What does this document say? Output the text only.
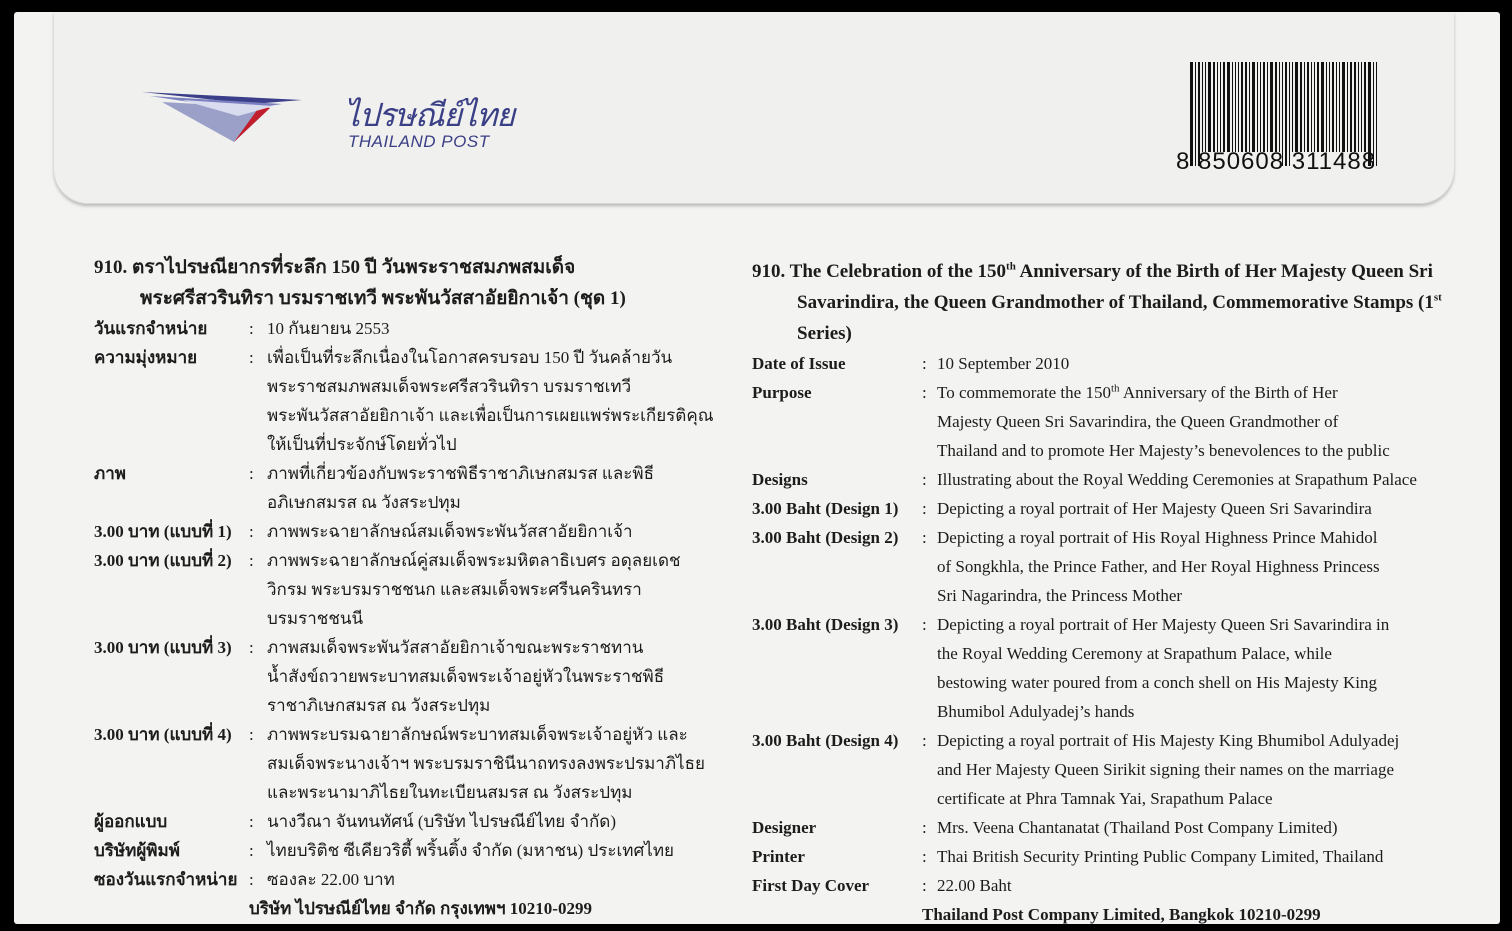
ไปรษณีย์ไทย
THAILAND POST
8 850608 311488
910. ตราไปรษณียากรที่ระลึก 150 ปี วันพระราชสมภพสมเด็จ
พระศรีสวรินทิรา บรมราชเทวี พระพันวัสสาอัยยิกาเจ้า (ชุด 1)
วันแรกจำหน่าย	: 10 กันยายน 2553
ความมุ่งหมาย	: เพื่อเป็นที่ระลึกเนื่องในโอกาสครบรอบ 150 ปี วันคล้ายวัน
พระราชสมภพสมเด็จพระศรีสวรินทิรา บรมราชเทวี
พระพันวัสสาอัยยิกาเจ้า และเพื่อเป็นการเผยแพร่พระเกียรติคุณ
ให้เป็นที่ประจักษ์โดยทั่วไป
ภาพ	: ภาพที่เกี่ยวข้องกับพระราชพิธีราชาภิเษกสมรส และพิธี
อภิเษกสมรส ณ วังสระปทุม
3.00 บาท (แบบที่ 1)	: ภาพพระฉายาลักษณ์สมเด็จพระพันวัสสาอัยยิกาเจ้า
3.00 บาท (แบบที่ 2)	: ภาพพระฉายาลักษณ์คู่สมเด็จพระมหิตลาธิเบศร อดุลยเดช
วิกรม พระบรมราชชนก และสมเด็จพระศรีนครินทรา
บรมราชชนนี
3.00 บาท (แบบที่ 3)	: ภาพสมเด็จพระพันวัสสาอัยยิกาเจ้าขณะพระราชทาน
น้ำสังข์ถวายพระบาทสมเด็จพระเจ้าอยู่หัวในพระราชพิธี
ราชาภิเษกสมรส ณ วังสระปทุม
3.00 บาท (แบบที่ 4)	: ภาพพระบรมฉายาลักษณ์พระบาทสมเด็จพระเจ้าอยู่หัว และ
สมเด็จพระนางเจ้าฯ พระบรมราชินีนาถทรงลงพระปรมาภิไธย
และพระนามาภิไธยในทะเบียนสมรส ณ วังสระปทุม
ผู้ออกแบบ	: นางวีณา จันทนทัศน์ (บริษัท ไปรษณีย์ไทย จำกัด)
บริษัทผู้พิมพ์	: ไทยบริติช ซีเคียวริตี้ พริ้นติ้ง จำกัด (มหาชน) ประเทศไทย
ซองวันแรกจำหน่าย : ซองละ 22.00 บาท
บริษัท ไปรษณีย์ไทย จำกัด กรุงเทพฯ 10210-0299
910. The Celebration of the 150th Anniversary of the Birth of Her Majesty Queen Sri
Savarindira, the Queen Grandmother of Thailand, Commemorative Stamps (1st Series)
Date of Issue	: 10 September 2010
Purpose	: To commemorate the 150th Anniversary of the Birth of Her
Majesty Queen Sri Savarindira, the Queen Grandmother of
Thailand and to promote Her Majesty’s benevolences to the public
Designs	: Illustrating about the Royal Wedding Ceremonies at Srapathum Palace
3.00 Baht (Design 1)	: Depicting a royal portrait of Her Majesty Queen Sri Savarindira
3.00 Baht (Design 2)	: Depicting a royal portrait of His Royal Highness Prince Mahidol
of Songkhla, the Prince Father, and Her Royal Highness Princess
Sri Nagarindra, the Princess Mother
3.00 Baht (Design 3)	: Depicting a royal portrait of Her Majesty Queen Sri Savarindira in
the Royal Wedding Ceremony at Srapathum Palace, while
bestowing water poured from a conch shell on His Majesty King
Bhumibol Adulyadej’s hands
3.00 Baht (Design 4)	: Depicting a royal portrait of His Majesty King Bhumibol Adulyadej
and Her Majesty Queen Sirikit signing their names on the marriage
certificate at Phra Tamnak Yai, Srapathum Palace
Designer	: Mrs. Veena Chantanatat (Thailand Post Company Limited)
Printer	: Thai British Security Printing Public Company Limited, Thailand
First Day Cover	: 22.00 Baht
Thailand Post Company Limited, Bangkok 10210-0299
